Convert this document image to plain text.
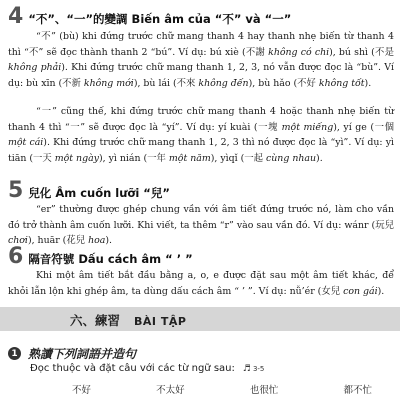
4 “不”、“一”的變調 Biến âm của “不” và “一”
“不” (bù) khi đứng trước chữ mang thanh 4 hay thanh nhẹ biến từ thanh 4 thì “不” sẽ đọc thành thanh 2 “bú”. Ví dụ: bú xiè (不謝 không có chi), bú shì (不是 không phải). Khi đứng trước chữ mang thanh 1, 2, 3, nó vẫn được đọc là “bù”. Ví dụ: bù xīn (不新 không mới), bù lái (不來 không đến), bù hǎo (不好 không tốt).
“一” cũng thế, khi đứng trước chữ mang thanh 4 hoặc thanh nhẹ biến từ thanh 4 thì “一” sẽ được đọc là “yí”. Ví dụ: yí kuài (一塊 một miếng), yí ge (一個 một cái). Khi đứng trước chữ mang thanh 1, 2, 3 thì nó được đọc là “yì”. Ví dụ: yì tiān (一天 một ngày), yì nián (一年 một năm), yìqǐ (一起 cùng nhau).
5 兒化 Âm cuốn lưỡi “兒”
“er” thường được ghép chung vần với âm tiết đứng trước nó, làm cho vần đó trở thành âm cuốn lưỡi. Khi viết, ta thêm “r” vào sau vần đó. Ví dụ: wánr (玩兒 chơi), huār (花兒 hoa).
6 隔音符號 Dấu cách âm “ ’ ”
Khi một âm tiết bắt đầu bằng a, o, e được đặt sau một âm tiết khác, để khỏi lẫn lộn khi ghép âm, ta dùng dấu cách âm “ ’ ”. Ví dụ: nǚ’ér (女兒 con gái).
六、練習 BÀI TẬP
1 熟讀下列詞語并造句
Đọc thuộc và đặt câu với các từ ngữ sau: ♬ 3-5
不好	不太好	也很忙	都不忙
